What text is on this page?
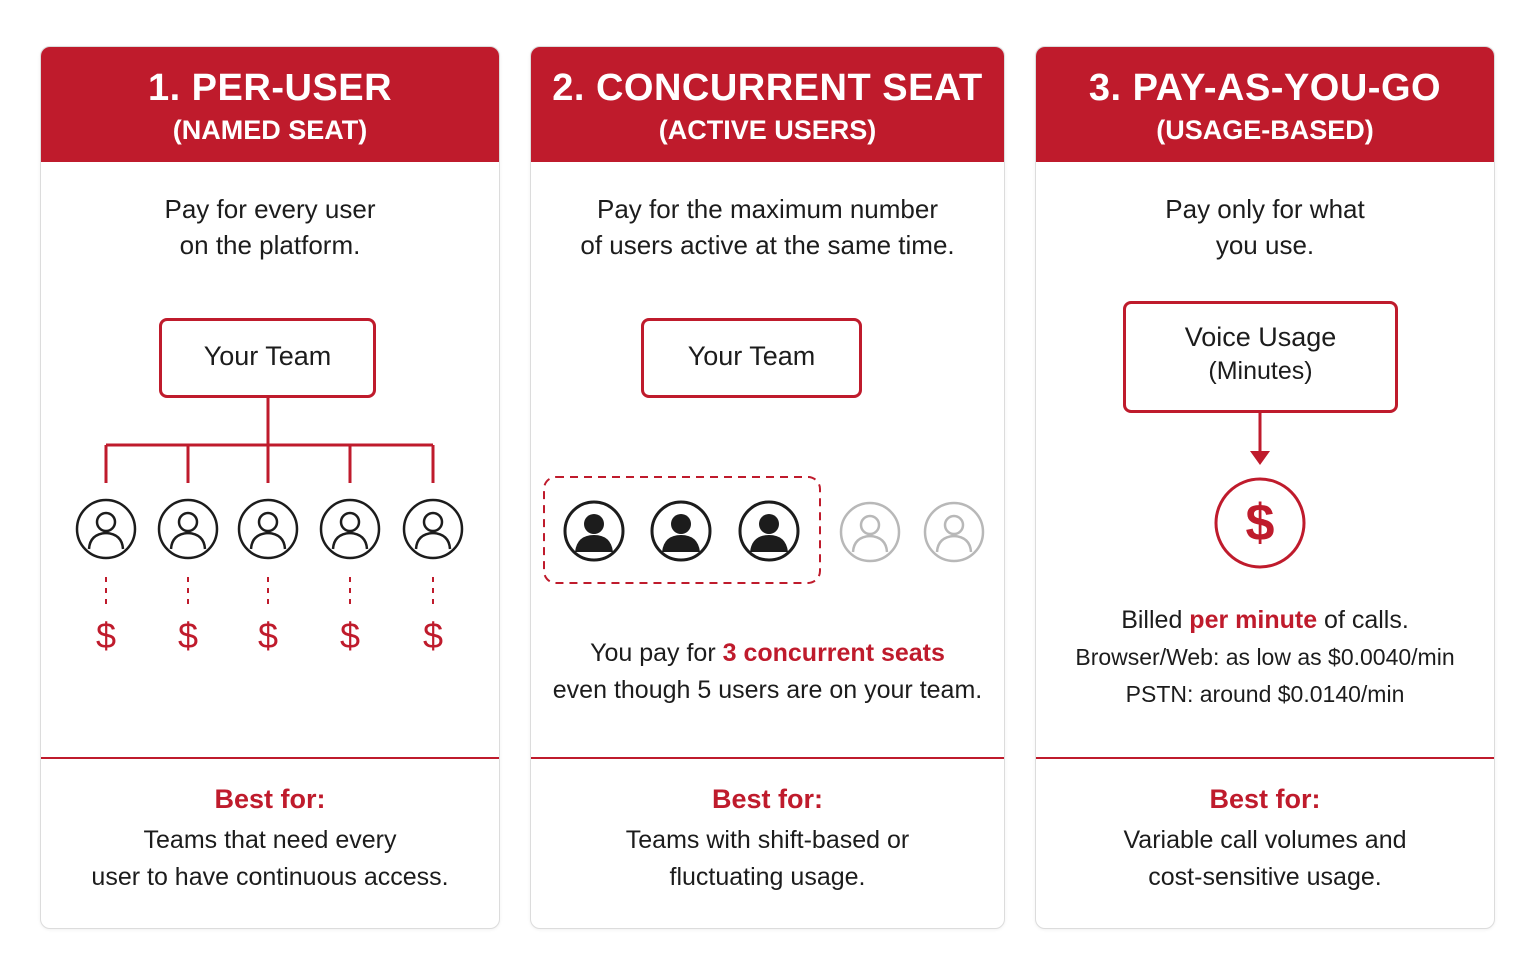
1. PER-USER
(NAMED SEAT)
Pay for every user
on the platform.
Your Team
$ $ $ $ $
Best for:
Teams that need every
user to have continuous access.
2. CONCURRENT SEAT
(ACTIVE USERS)
Pay for the maximum number
of users active at the same time.
Your Team
You pay for 3 concurrent seats
even though 5 users are on your team.
Best for:
Teams with shift-based or
fluctuating usage.
3. PAY-AS-YOU-GO
(USAGE-BASED)
Pay only for what
you use.
Voice Usage
(Minutes)
$
Billed per minute of calls.
Browser/Web: as low as $0.0040/min
PSTN: around $0.0140/min
Best for:
Variable call volumes and
cost-sensitive usage.
